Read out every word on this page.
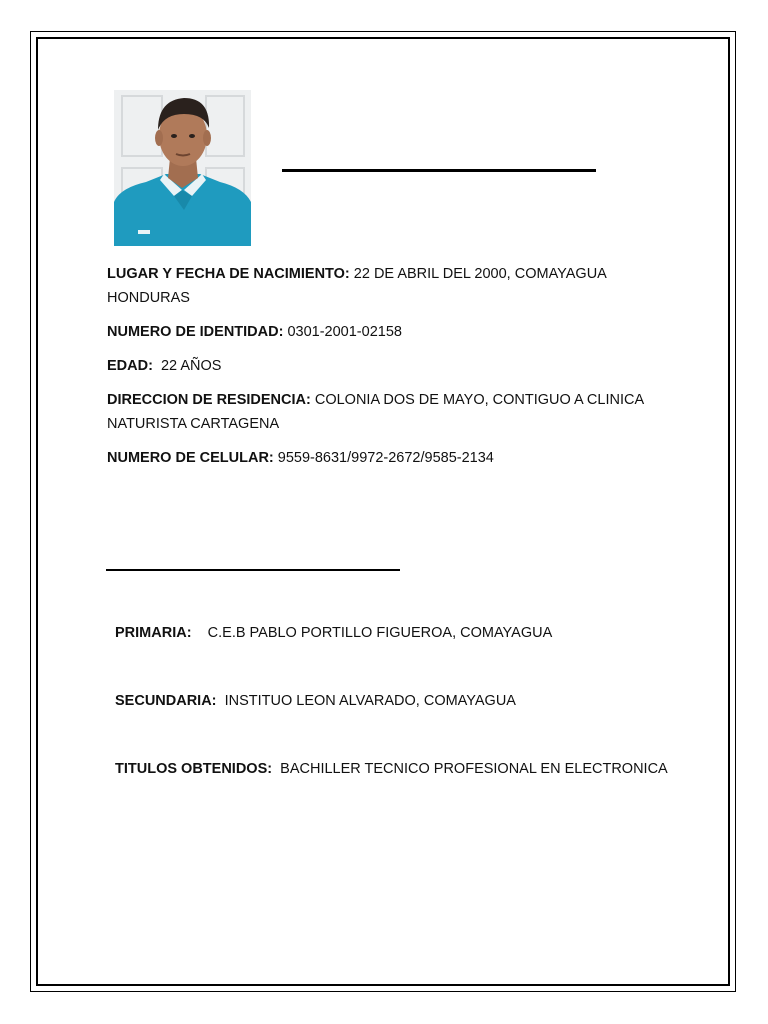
LUGAR Y FECHA DE NACIMIENTO: 22 DE ABRIL DEL 2000, COMAYAGUA HONDURAS
NUMERO DE IDENTIDAD: 0301-2001-02158
EDAD: 22 AÑOS
DIRECCION DE RESIDENCIA: COLONIA DOS DE MAYO, CONTIGUO A CLINICA NATURISTA CARTAGENA
NUMERO DE CELULAR: 9559-8631/9972-2672/9585-2134
PRIMARIA: C.E.B PABLO PORTILLO FIGUEROA, COMAYAGUA
SECUNDARIA: INSTITUO LEON ALVARADO, COMAYAGUA
TITULOS OBTENIDOS: BACHILLER TECNICO PROFESIONAL EN ELECTRONICA
